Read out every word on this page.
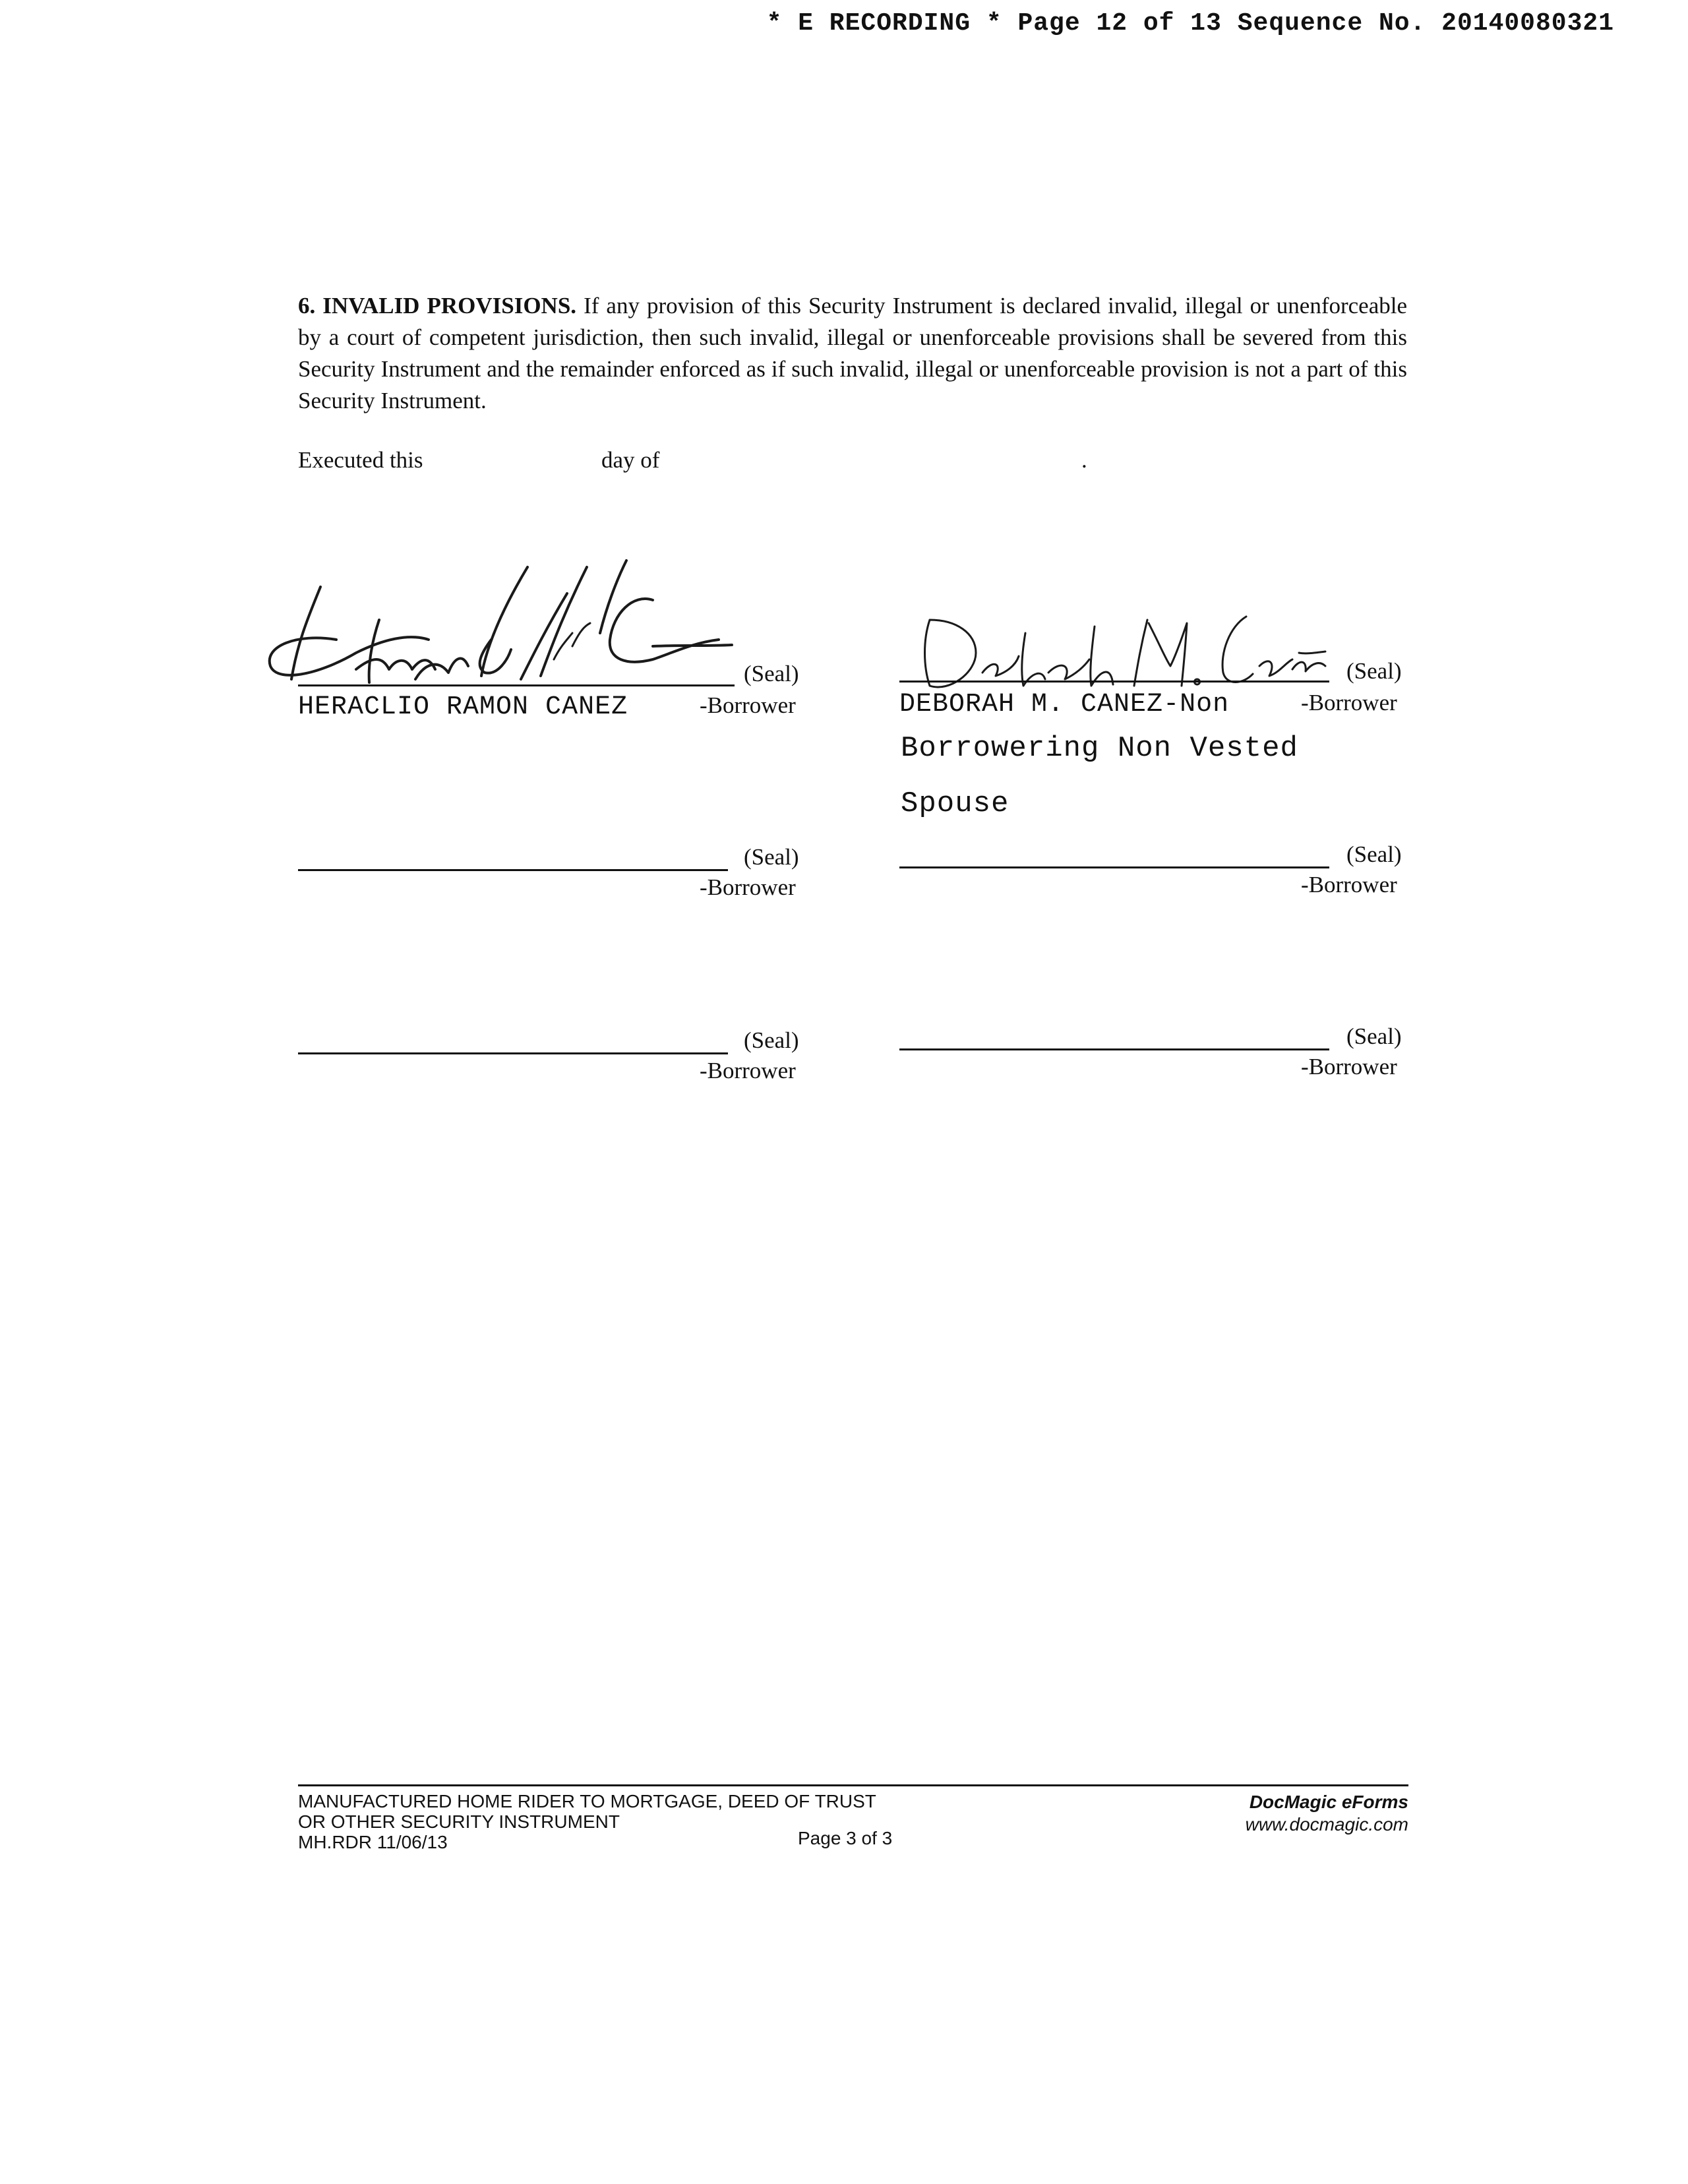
* E RECORDING * Page 12 of 13 Sequence No. 20140080321
6. INVALID PROVISIONS. If any provision of this Security Instrument is declared invalid, illegal or unenforceable by a court of competent jurisdiction, then such invalid, illegal or unenforceable provisions shall be severed from this Security Instrument and the remainder enforced as if such invalid, illegal or unenforceable provision is not a part of this Security Instrument.
Executed this	day of	.
(Seal)
HERACLIO RAMON CANEZ	-Borrower
(Seal)
DEBORAH M. CANEZ-Non	-Borrower
Borrowering Non Vested
Spouse
(Seal)
-Borrower
(Seal)
-Borrower
(Seal)
-Borrower
(Seal)
-Borrower
MANUFACTURED HOME RIDER TO MORTGAGE, DEED OF TRUST
OR OTHER SECURITY INSTRUMENT
MH.RDR 11/06/13	Page 3 of 3
DocMagic eForms
www.docmagic.com
